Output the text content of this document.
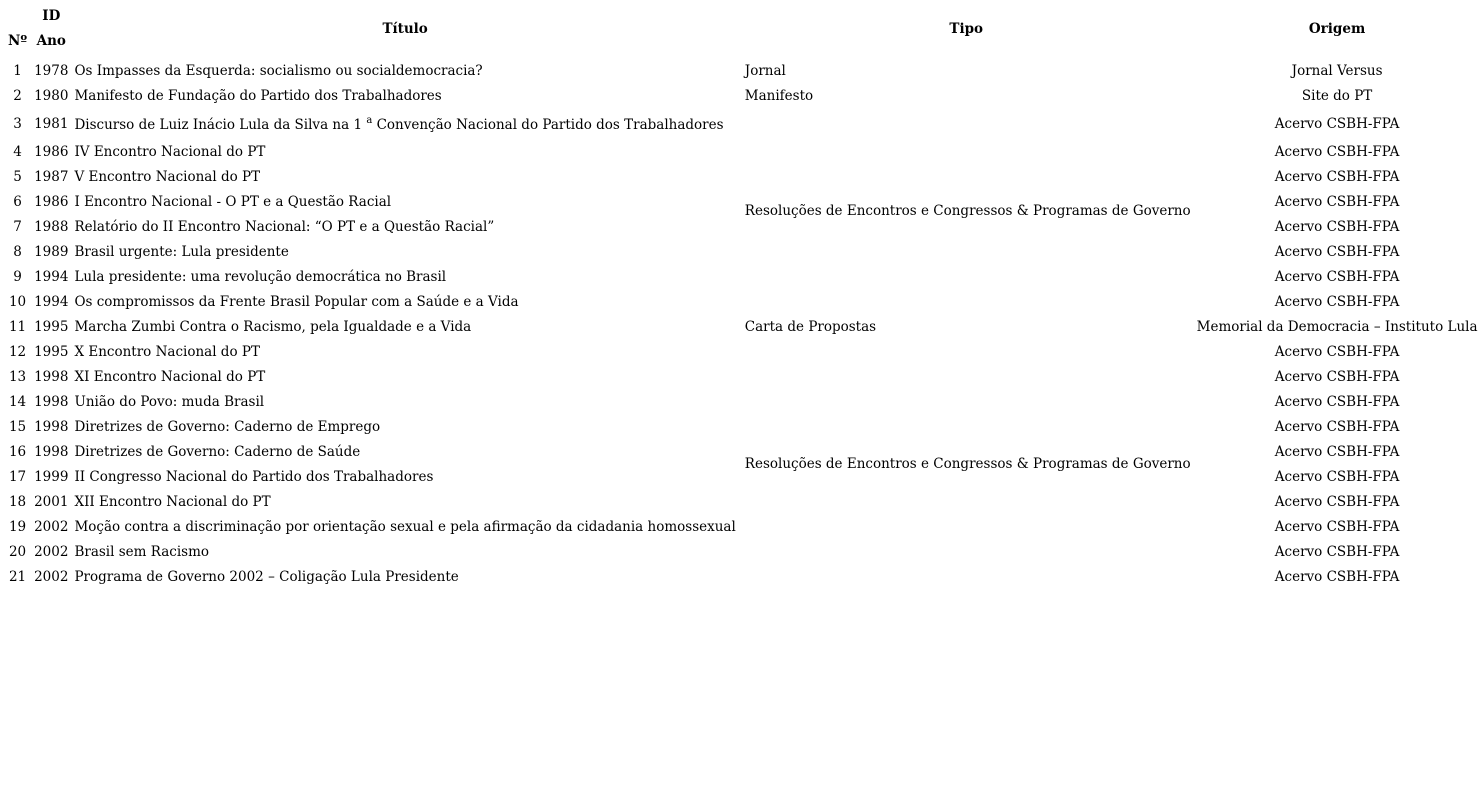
	ID	Título	Tipo	Origem
Nº	Ano			
1	1978	Os Impasses da Esquerda: socialismo ou socialdemocracia?	Jornal	Jornal Versus
2	1980	Manifesto de Fundação do Partido dos Trabalhadores	Manifesto	Site do PT
3	1981	Discurso de Luiz Inácio Lula da Silva na 1 $^a$ Convenção Nacional do Partido dos Trabalhadores	Resoluções de Encontros e Congressos & Programas de Governo	Acervo CSBH-FPA
4	1986	IV Encontro Nacional do PT		Acervo CSBH-FPA
5	1987	V Encontro Nacional do PT		Acervo CSBH-FPA
6	1986	I Encontro Nacional - O PT e a Questão Racial		Acervo CSBH-FPA
7	1988	Relatório do II Encontro Nacional: “O PT e a Questão Racial”		Acervo CSBH-FPA
8	1989	Brasil urgente: Lula presidente		Acervo CSBH-FPA
9	1994	Lula presidente: uma revolução democrática no Brasil		Acervo CSBH-FPA
10	1994	Os compromissos da Frente Brasil Popular com a Saúde e a Vida		Acervo CSBH-FPA
11	1995	Marcha Zumbi Contra o Racismo, pela Igualdade e a Vida	Carta de Propostas	Memorial da Democracia – Instituto Lula
12	1995	X Encontro Nacional do PT	Resoluções de Encontros e Congressos & Programas de Governo	Acervo CSBH-FPA
13	1998	XI Encontro Nacional do PT		Acervo CSBH-FPA
14	1998	União do Povo: muda Brasil		Acervo CSBH-FPA
15	1998	Diretrizes de Governo: Caderno de Emprego		Acervo CSBH-FPA
16	1998	Diretrizes de Governo: Caderno de Saúde		Acervo CSBH-FPA
17	1999	II Congresso Nacional do Partido dos Trabalhadores		Acervo CSBH-FPA
18	2001	XII Encontro Nacional do PT		Acervo CSBH-FPA
19	2002	Moção contra a discriminação por orientação sexual e pela afirmação da cidadania homossexual		Acervo CSBH-FPA
20	2002	Brasil sem Racismo		Acervo CSBH-FPA
21	2002	Programa de Governo 2002 – Coligação Lula Presidente		Acervo CSBH-FPA
